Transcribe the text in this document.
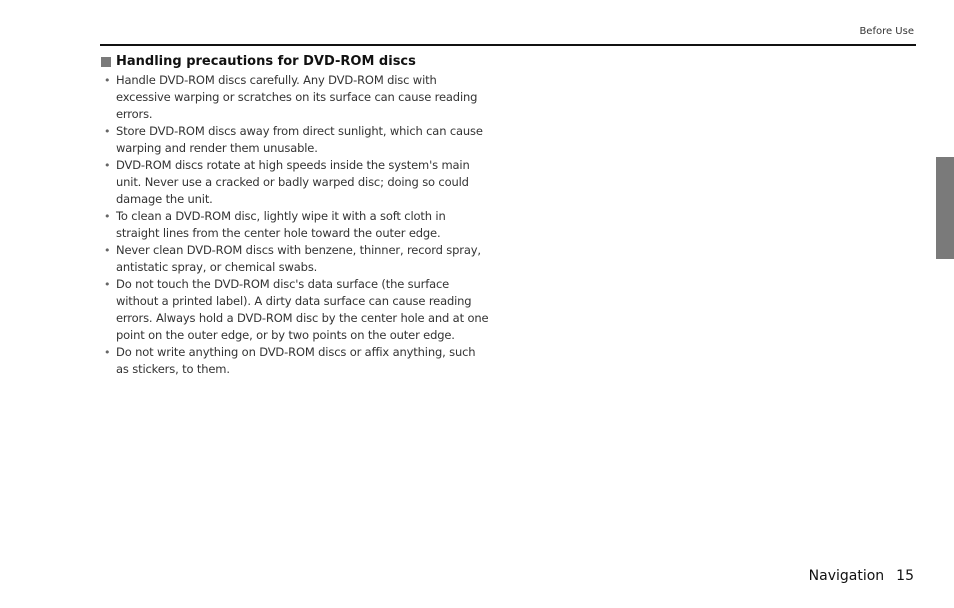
Before Use
Handling precautions for DVD-ROM discs
• Handle DVD-ROM discs carefully. Any DVD-ROM disc with excessive warping or scratches on its surface can cause reading errors.
• Store DVD-ROM discs away from direct sunlight, which can cause warping and render them unusable.
• DVD-ROM discs rotate at high speeds inside the system's main unit. Never use a cracked or badly warped disc; doing so could damage the unit.
• To clean a DVD-ROM disc, lightly wipe it with a soft cloth in straight lines from the center hole toward the outer edge.
• Never clean DVD-ROM discs with benzene, thinner, record spray, antistatic spray, or chemical swabs.
• Do not touch the DVD-ROM disc's data surface (the surface without a printed label). A dirty data surface can cause reading errors. Always hold a DVD-ROM disc by the center hole and at one point on the outer edge, or by two points on the outer edge.
• Do not write anything on DVD-ROM discs or affix anything, such as stickers, to them.
Navigation 15
